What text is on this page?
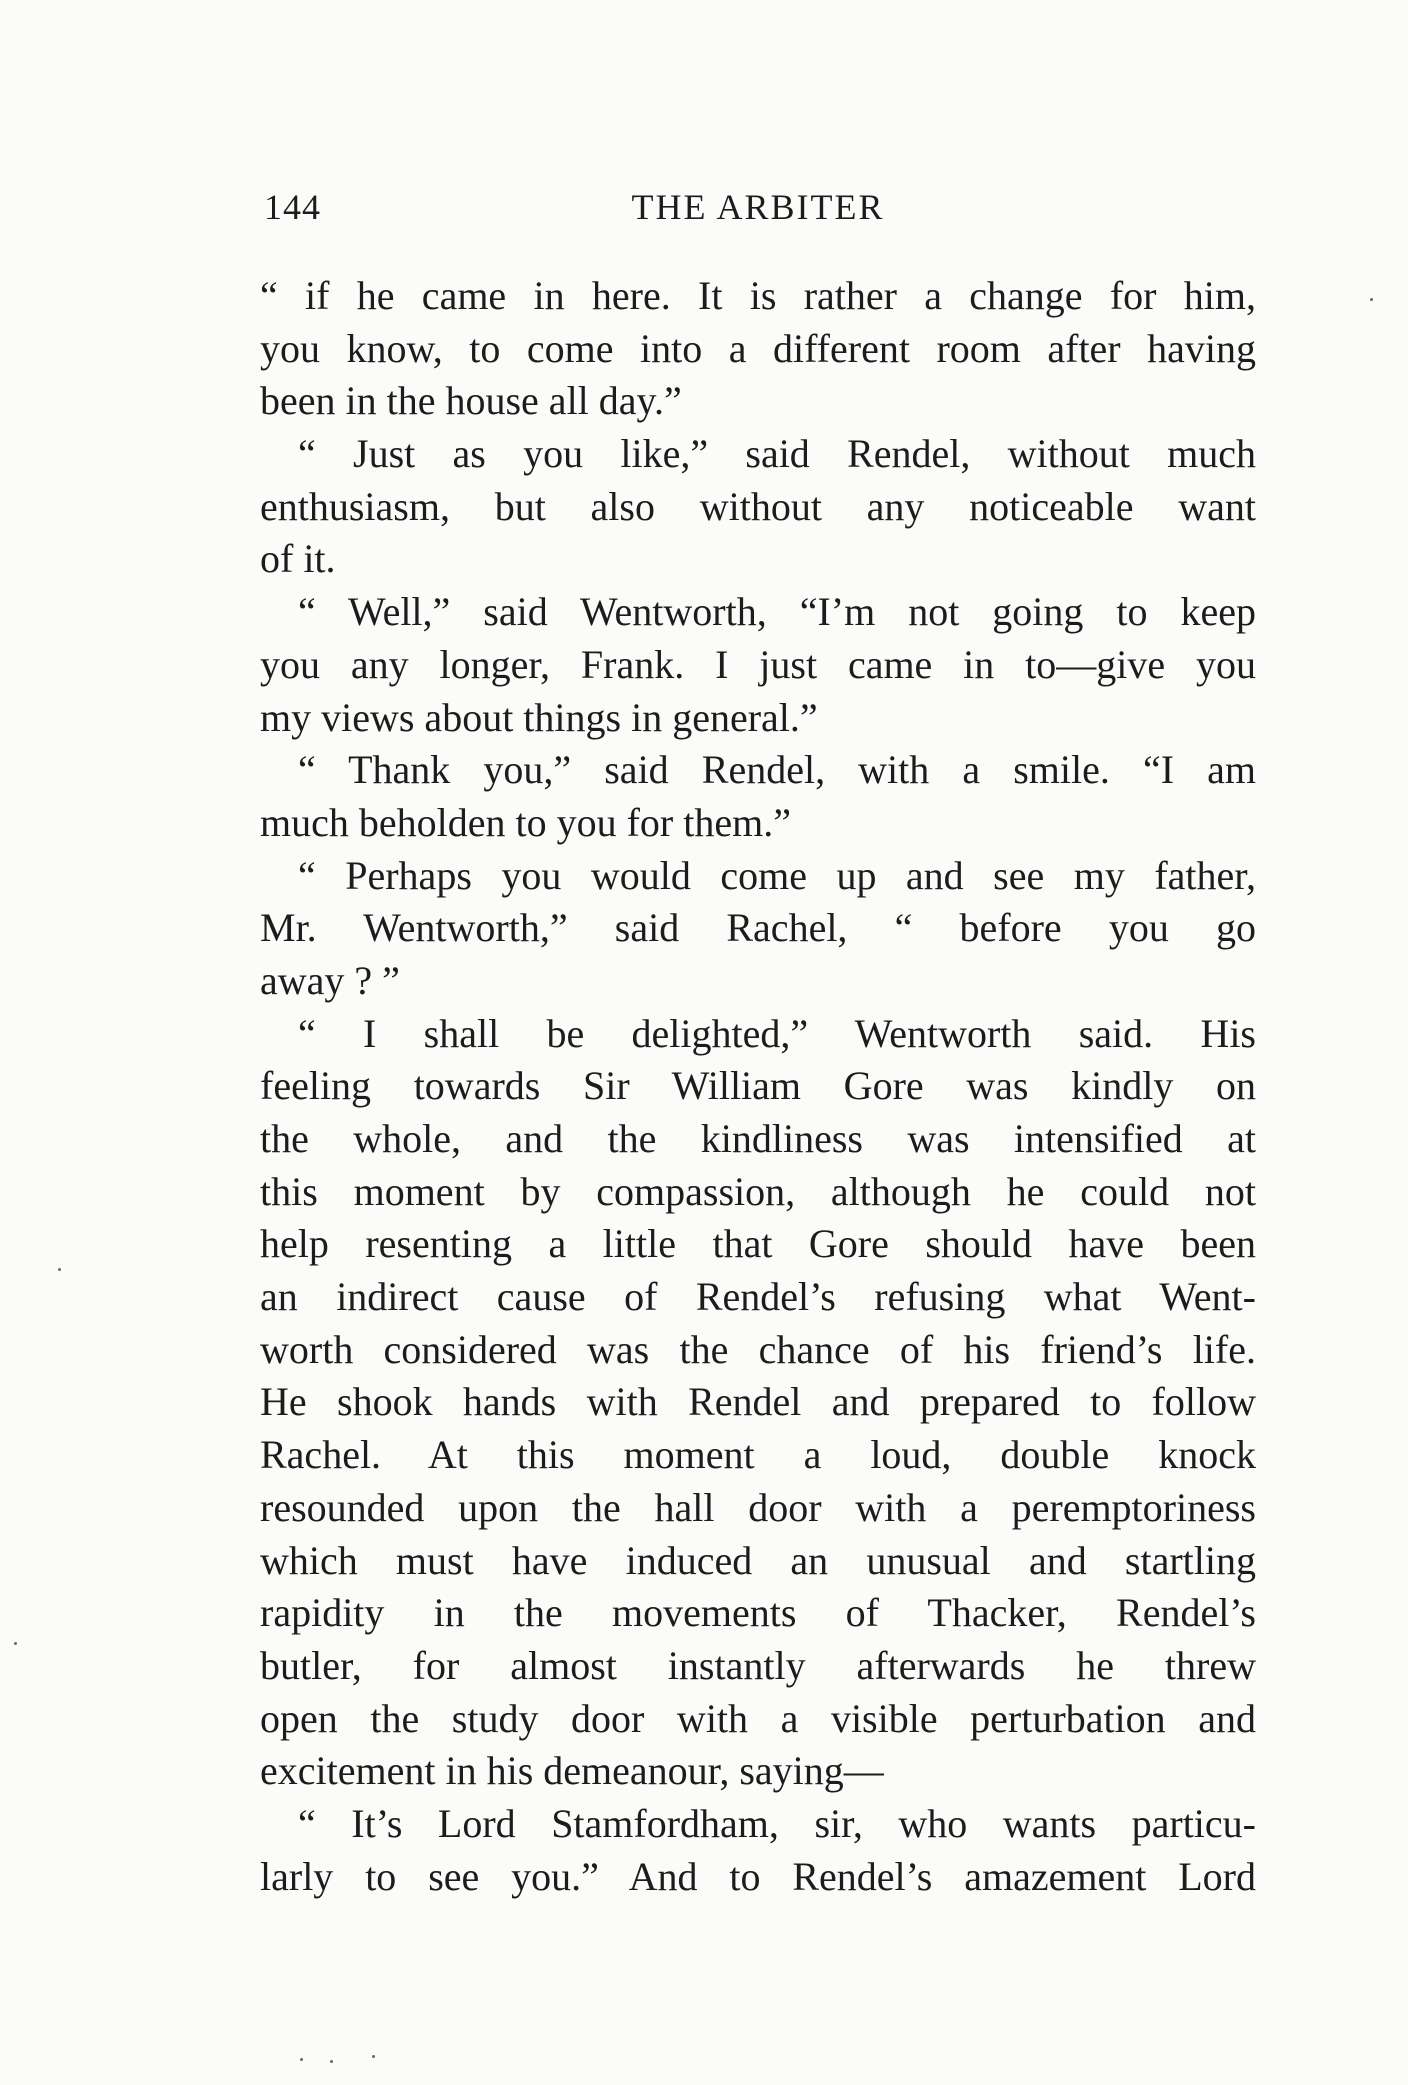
144	THE ARBITER
“ if he came in here. It is rather a change for him,
you know, to come into a different room after having
been in the house all day.”
“ Just as you like,” said Rendel, without much
enthusiasm, but also without any noticeable want
of it.
“ Well,” said Wentworth, “I’m not going to keep
you any longer, Frank. I just came in to—give you
my views about things in general.”
“ Thank you,” said Rendel, with a smile. “I am
much beholden to you for them.”
“ Perhaps you would come up and see my father,
Mr. Wentworth,” said Rachel, “ before you go
away ? ”
“ I shall be delighted,” Wentworth said. His
feeling towards Sir William Gore was kindly on
the whole, and the kindliness was intensified at
this moment by compassion, although he could not
help resenting a little that Gore should have been
an indirect cause of Rendel’s refusing what Went-
worth considered was the chance of his friend’s life.
He shook hands with Rendel and prepared to follow
Rachel. At this moment a loud, double knock
resounded upon the hall door with a peremptoriness
which must have induced an unusual and startling
rapidity in the movements of Thacker, Rendel’s
butler, for almost instantly afterwards he threw
open the study door with a visible perturbation and
excitement in his demeanour, saying—
“ It’s Lord Stamfordham, sir, who wants particu-
larly to see you.” And to Rendel’s amazement Lord
